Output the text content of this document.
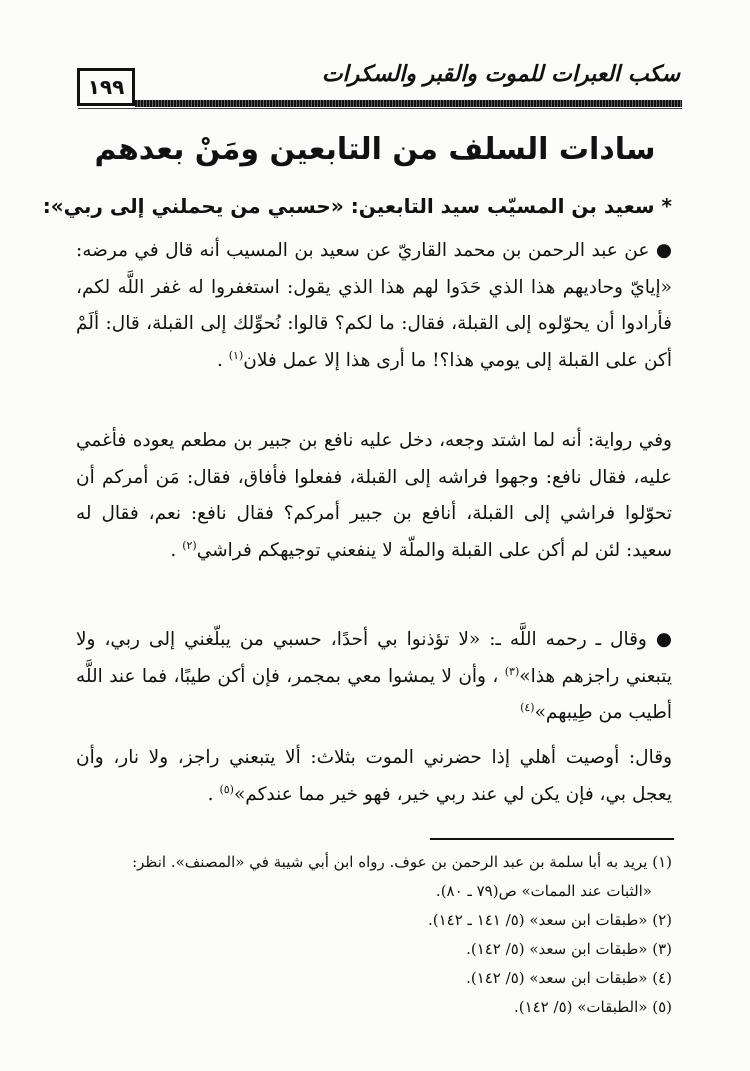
سكب العبرات للموت والقبر والسكرات
١٩٩
سادات السلف من التابعين ومَنْ بعدهم
* سعيد بن المسيّب سيد التابعين: «حسبي من يحملني إلى ربي»:
● عن عبد الرحمن بن محمد القاريّ عن سعيد بن المسيب أنه قال في مرضه: «إيايّ وحاديهم هذا الذي حَدَوا لهم هذا الذي يقول: استغفروا له غفر اللَّه لكم، فأرادوا أن يحوّلوه إلى القبلة، فقال: ما لكم؟ قالوا: نُحوِّلك إلى القبلة، قال: ألَمْ أكن على القبلة إلى يومي هذا؟! ما أرى هذا إلا عمل فلان$^{(١)}$ .
وفي رواية: أنه لما اشتد وجعه، دخل عليه نافع بن جبير بن مطعم يعوده فأغمي عليه، فقال نافع: وجهوا فراشه إلى القبلة، ففعلوا فأفاق، فقال: مَن أمركم أن تحوّلوا فراشي إلى القبلة، أنافع بن جبير أمركم؟ فقال نافع: نعم، فقال له سعيد: لئن لم أكن على القبلة والملّة لا ينفعني توجيهكم فراشي$^{(٢)}$ .
● وقال ـ رحمه اللَّه ـ: «لا تؤذنوا بي أحدًا، حسبي من يبلّغني إلى ربي، ولا يتبعني راجزهم هذا»$^{(٣)}$ ، وأن لا يمشوا معي بمجمر، فإن أكن طيبًا، فما عند اللَّه أطيب من طِيبهم»$^{(٤)}$
وقال: أوصيت أهلي إذا حضرني الموت بثلاث: ألا يتبعني راجز، ولا نار، وأن يعجل بي، فإن يكن لي عند ربي خير، فهو خير مما عندكم»$^{(٥)}$ .
(١) يريد به أبا سلمة بن عبد الرحمن بن عوف. رواه ابن أبي شيبة في «المصنف». انظر:
«الثبات عند الممات» ص(٧٩ ـ ٨٠).
(٢) «طبقات ابن سعد» (٥/ ١٤١ ـ ١٤٢).
(٣) «طبقات ابن سعد» (٥/ ١٤٢).
(٤) «طبقات ابن سعد» (٥/ ١٤٢).
(٥) «الطبقات» (٥/ ١٤٢).
